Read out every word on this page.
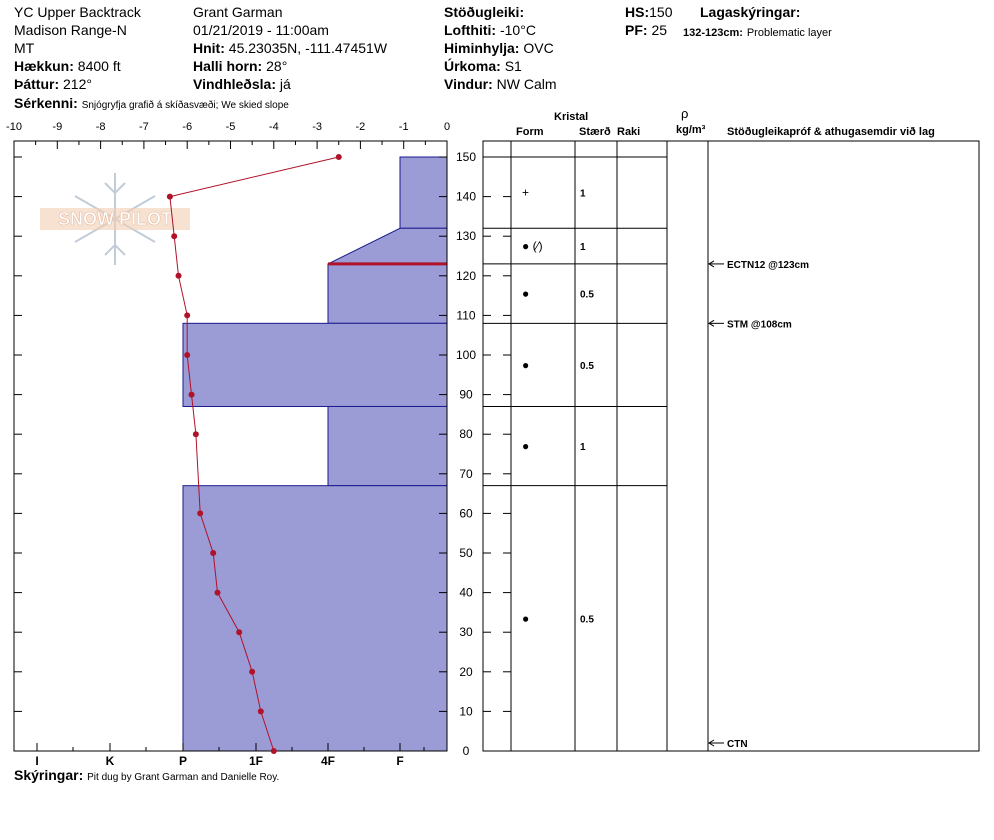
YC Upper Backtrack
Madison Range-N
MT
Hækkun: 8400 ft
Þáttur: 212°
Sérkenni: Snjógryfja grafið á skíðasvæði; We skied slope
Grant Garman
01/21/2019 - 11:00am
Hnit: 45.23035N, -111.47451W
Halli horn: 28°
Vindhleðsla: já
Stöðugleiki:
Lofthiti: -10°C
Himinhylja: OVC
Úrkoma: S1
Vindur: NW Calm
HS:150
PF: 25
Lagaskýringar:
132-123cm: Problematic layer
Kristal
Form	Stærð Raki
ρ
kg/m³ Stöðugleikapróf & athugasemdir við lag
SNOW PILOT
-10	-9	-8	-7	-6	-5	-4	-3	-2	-1	0
0
10
20
30
40
50
60
70
80
90
100
110
120
130
140
150
I	K	P	1F	4F	F
+	1
● (⁄)	1
●	0.5
●	0.5
●	1
●	0.5
ECTN12 @123cm
STM @108cm
CTN
Skýringar: Pit dug by Grant Garman and Danielle Roy.
